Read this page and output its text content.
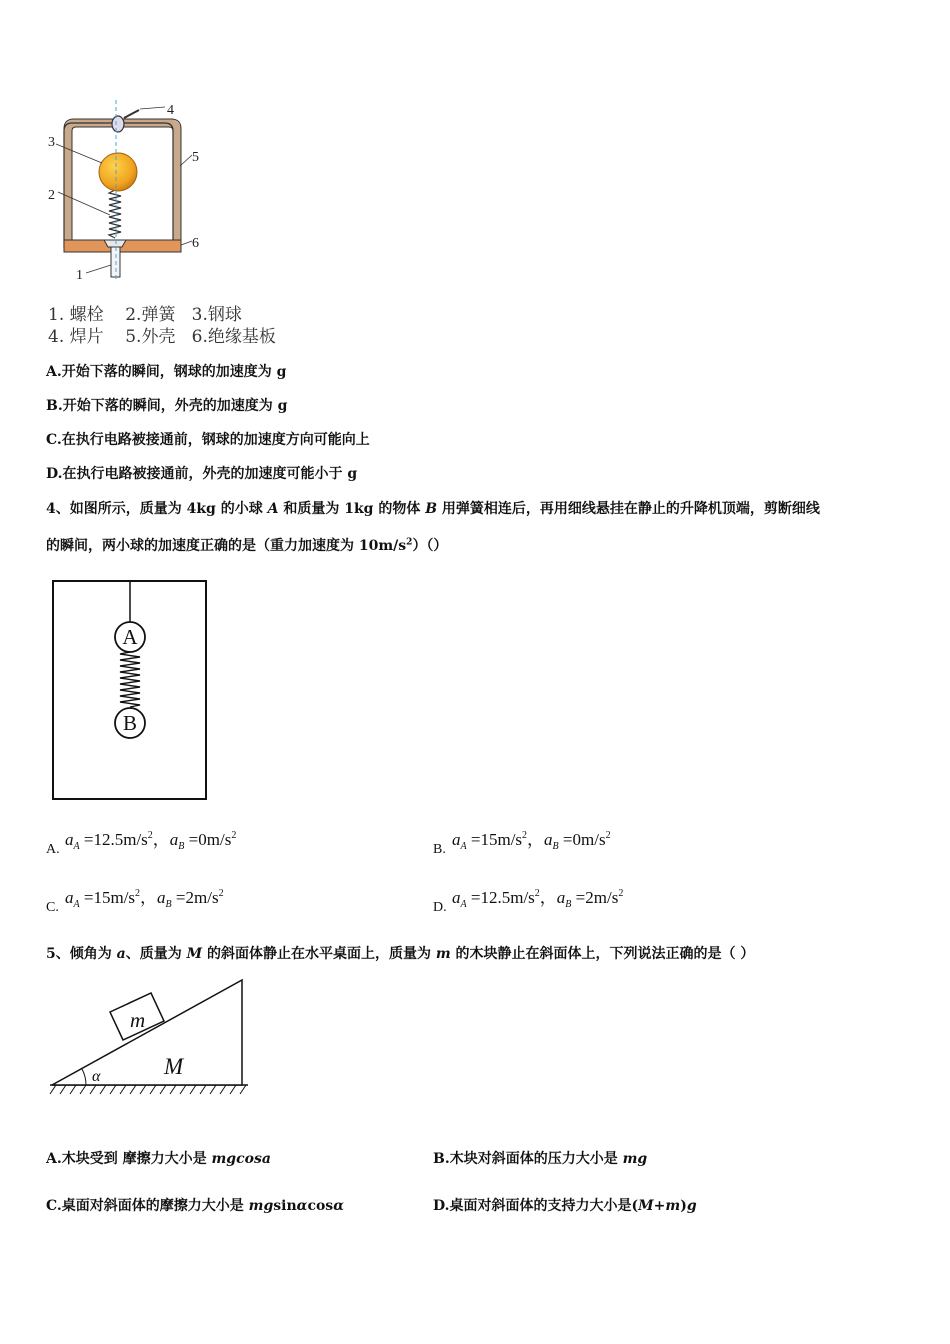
4
3
5
2
6
1
1. 螺栓    2.弹簧   3.钢球
4. 焊片    5.外壳   6.绝缘基板
A.开始下落的瞬间，钢球的加速度为 g
B.开始下落的瞬间，外壳的加速度为 g
C.在执行电路被接通前，钢球的加速度方向可能向上
D.在执行电路被接通前，外壳的加速度可能小于 g
4、如图所示，质量为 4kg 的小球 A 和质量为 1kg 的物体 B 用弹簧相连后，再用细线悬挂在静止的升降机顶端，剪断细线
的瞬间，两小球的加速度正确的是（重力加速度为 $10m/s^2)()$
A
B
A.
$a_A =12.5m/s^2$，$a_B =0m/s^2$
B.
$a_A =15m/s^2$，$a_B =0m/s^2$
C.
$a_A =15m/s^2$，$a_B =2m/s^2$
D.
$a_A =12.5m/s^2$，$a_B =2m/s^2$
5、倾角为 a、质量为 M 的斜面体静止在水平桌面上，质量为 m 的木块静止在斜面体上，下列说法正确的是（ ）
m
M
α
A.木块受到 摩擦力大小是 mgcosa	B.木块对斜面体的压力大小是 mg
C.桌面对斜面体的摩擦力大小是 mgsinαcosα	D.桌面对斜面体的支持力大小是(M+m)g
